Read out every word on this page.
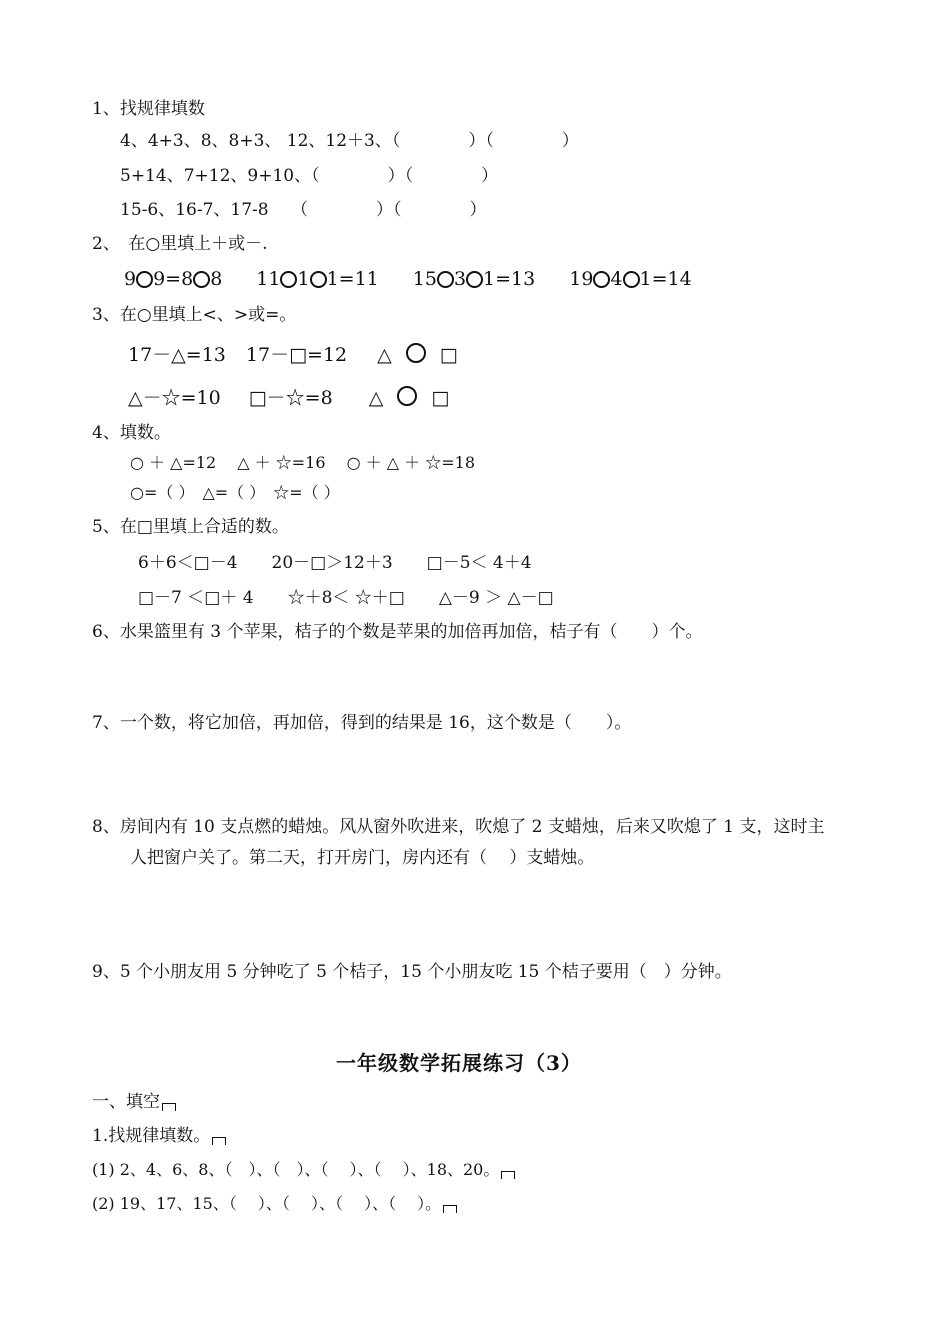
1、找规律填数
4、4+3、8、8+3、 12、12＋3、（　　　　）（　　　　）
5+14、7+12、9+10、（　　　　）（　　　　）
15-6、16-7、17-8　 （　　　　）（　　　　）
2、　在○里填上＋或－.
9 9=8 8 11 1 1=11 15 3 1=13 19 4 1=14
3、在○里填上<、>或=。
17－△=13 17－□=12 △	□
△－☆=10 □－☆=8 △	□
4、填数。
○ ＋ △=12　 △ ＋ ☆=16　 ○ ＋ △ ＋ ☆=18
○=（ ）　△=（ ）　☆=（ ）
5、在□里填上合适的数。
6＋6＜□－4　　20－□＞12＋3　　□－5＜ 4＋4
□－7 ＜□＋ 4　　☆＋8＜ ☆＋□　　△－9 ＞ △－□
6、水果篮里有 3 个苹果，桔子的个数是苹果的加倍再加倍，桔子有（　　）个。
7、一个数，将它加倍，再加倍，得到的结果是 16，这个数是（　　）。
8、房间内有 10 支点燃的蜡烛。风从窗外吹进来，吹熄了 2 支蜡烛，后来又吹熄了 1 支，这时主
人把窗户关了。第二天，打开房门，房内还有（　 ）支蜡烛。
9、5 个小朋友用 5 分钟吃了 5 个桔子，15 个小朋友吃 15 个桔子要用（　）分钟。
一年级数学拓展练习（3）
一、填空
1.找规律填数。
(1) 2、4、6、8、（　）、（　）、（　 ）、（　 ）、18、20。
(2) 19、17、15、（　 ）、（　 ）、（　 ）、（　 ）。
